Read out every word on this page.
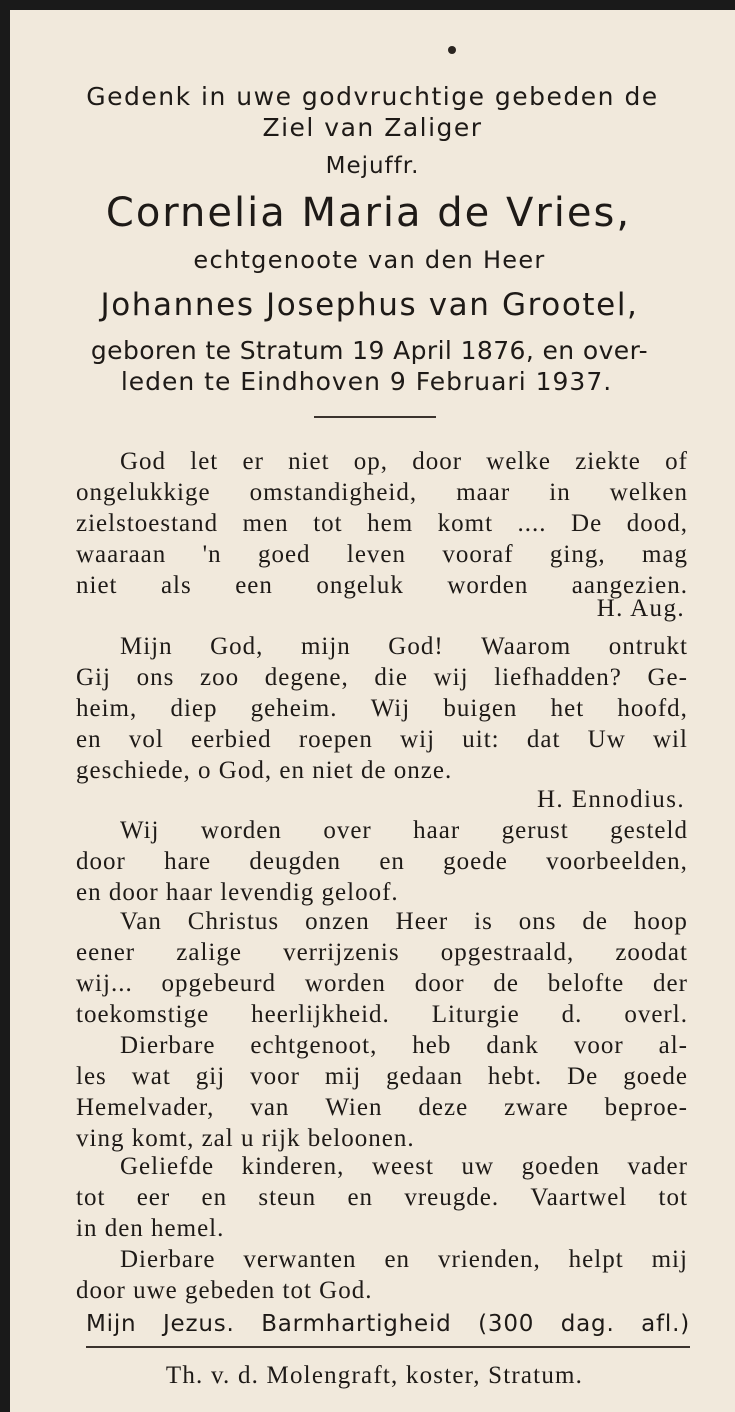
Gedenk in uwe godvruchtige gebeden de
Ziel van Zaliger
Mejuffr.
Cornelia Maria de Vries,
echtgenoote van den Heer
Johannes Josephus van Grootel,
geboren te Stratum 19 April 1876, en over-
leden te Eindhoven 9 Februari 1937.
God let er niet op, door welke ziekte of
ongelukkige omstandigheid, maar in welken
zielstoestand men tot hem komt .... De dood,
waaraan 'n goed leven vooraf ging, mag
niet als een ongeluk worden aangezien.
H. Aug.
Mijn God, mijn God! Waarom ontrukt
Gij ons zoo degene, die wij liefhadden? Ge-
heim, diep geheim. Wij buigen het hoofd,
en vol eerbied roepen wij uit: dat Uw wil
geschiede, o God, en niet de onze.
H. Ennodius.
Wij worden over haar gerust gesteld
door hare deugden en goede voorbeelden,
en door haar levendig geloof.
Van Christus onzen Heer is ons de hoop
eener zalige verrijzenis opgestraald, zoodat
wij... opgebeurd worden door de belofte der
toekomstige heerlijkheid. Liturgie d. overl.
Dierbare echtgenoot, heb dank voor al-
les wat gij voor mij gedaan hebt. De goede
Hemelvader, van Wien deze zware beproe-
ving komt, zal u rijk beloonen.
Geliefde kinderen, weest uw goeden vader
tot eer en steun en vreugde. Vaartwel tot
in den hemel.
Dierbare verwanten en vrienden, helpt mij
door uwe gebeden tot God.
Mijn Jezus. Barmhartigheid (300 dag. afl.)
Th. v. d. Molengraft, koster, Stratum.
